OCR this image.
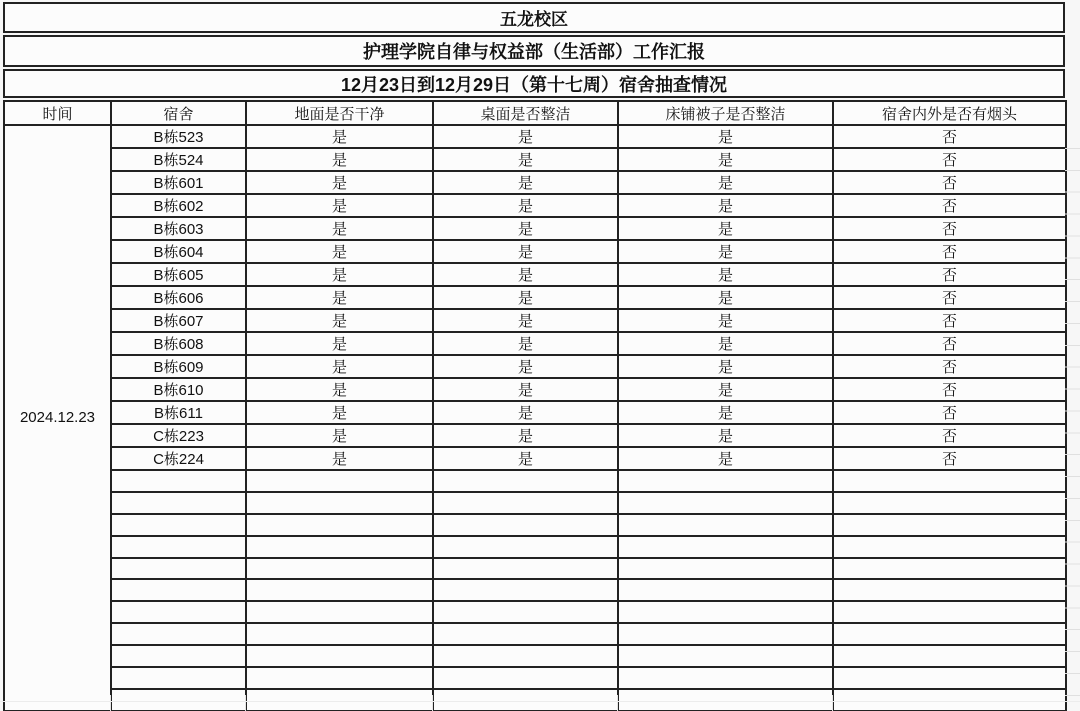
五龙校区
护理学院自律与权益部（生活部）工作汇报
12月23日到12月29日（第十七周）宿舍抽查情况
时间	宿舍	地面是否干净	桌面是否整洁	床铺被子是否整洁	宿舍内外是否有烟头
2024.12.23	B栋523	是	是	是	否
	B栋524	是	是	是	否
	B栋601	是	是	是	否
	B栋602	是	是	是	否
	B栋603	是	是	是	否
	B栋604	是	是	是	否
	B栋605	是	是	是	否
	B栋606	是	是	是	否
	B栋607	是	是	是	否
	B栋608	是	是	是	否
	B栋609	是	是	是	否
	B栋610	是	是	是	否
	B栋611	是	是	是	否
	C栋223	是	是	是	否
	C栋224	是	是	是	否
